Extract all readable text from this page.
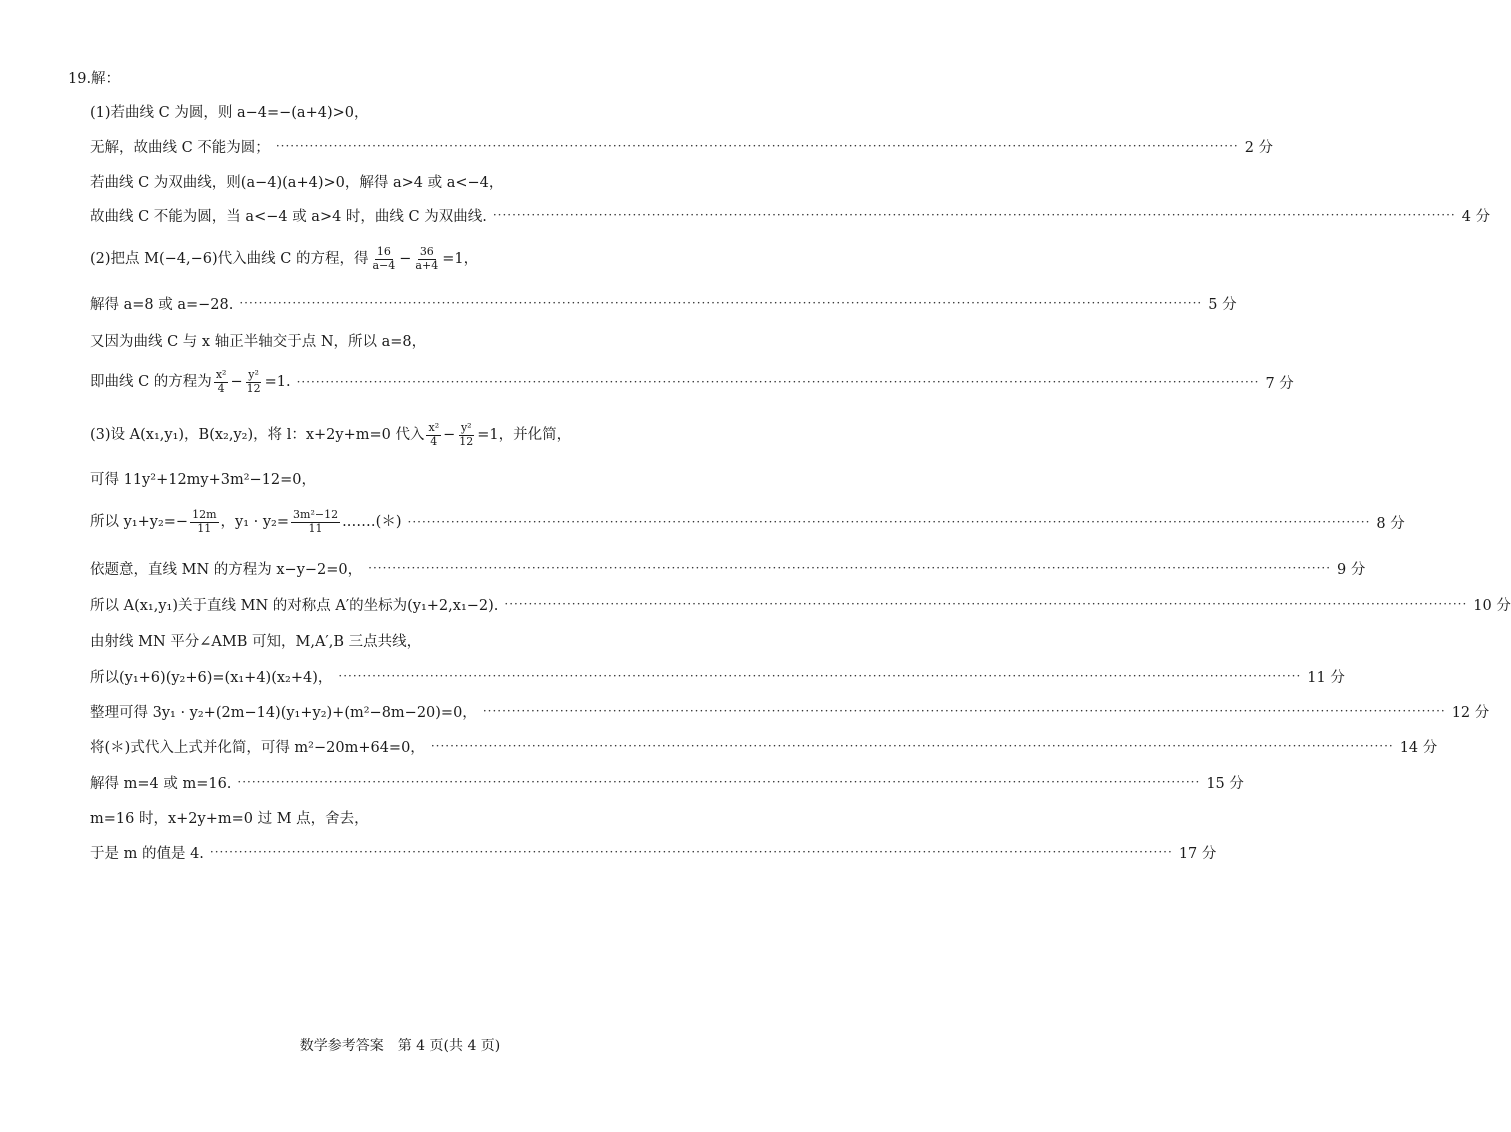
19.解：
(1)若曲线 C 为圆，则 a−4=−(a+4)>0，
无解，故曲线 C 不能为圆； ········································································································································································································ 2 分
若曲线 C 为双曲线，则(a−4)(a+4)>0，解得 a>4 或 a<−4，
故曲线 C 不能为圆，当 a<−4 或 a>4 时，曲线 C 为双曲线. ········································································································································································································ 4 分
(2)把点 M(−4,−6)代入曲线 C 的方程，得 $\frac{16}{a-4} - \frac{36}{a+4} =1$，
解得 a=8 或 a=−28. ········································································································································································································ 5 分
又因为曲线 C 与 x 轴正半轴交于点 N，所以 a=8，
即曲线 C 的方程为 $\frac{\text{x²}}{4} - \frac{\text{y²}}{12} =1$. ········································································································································································································ 7 分
(3)设 A(x₁,y₁)，B(x₂,y₂)，将 l：x+2y+m=0 代入 $\frac{\text{x²}}{4} - \frac{\text{y²}}{12} =1$，并化简，
可得 11y²+12my+3m²−12=0，
所以 $y_1+y_2=- \frac{12m}{11}$ ，$y_1 \cdot y_2= \frac{\text{3m²−12}}{11}$ .……(＊) ········································································································································································································ 8 分
依题意，直线 MN 的方程为 x−y−2=0， ········································································································································································································ 9 分
所以 A(x₁,y₁)关于直线 MN 的对称点 A′的坐标为(y₁+2,x₁−2). ········································································································································································································ 10 分
由射线 MN 平分∠AMB 可知，M,A′,B 三点共线，
所以(y₁+6)(y₂+6)=(x₁+4)(x₂+4)， ········································································································································································································ 11 分
整理可得 3y₁ · y₂+(2m−14)(y₁+y₂)+(m²−8m−20)=0， ········································································································································································································ 12 分
将(＊)式代入上式并化简，可得 m²−20m+64=0， ········································································································································································································ 14 分
解得 m=4 或 m=16. ········································································································································································································ 15 分
m=16 时，x+2y+m=0 过 M 点，舍去，
于是 m 的值是 4. ········································································································································································································ 17 分
数学参考答案　第 4 页(共 4 页)
